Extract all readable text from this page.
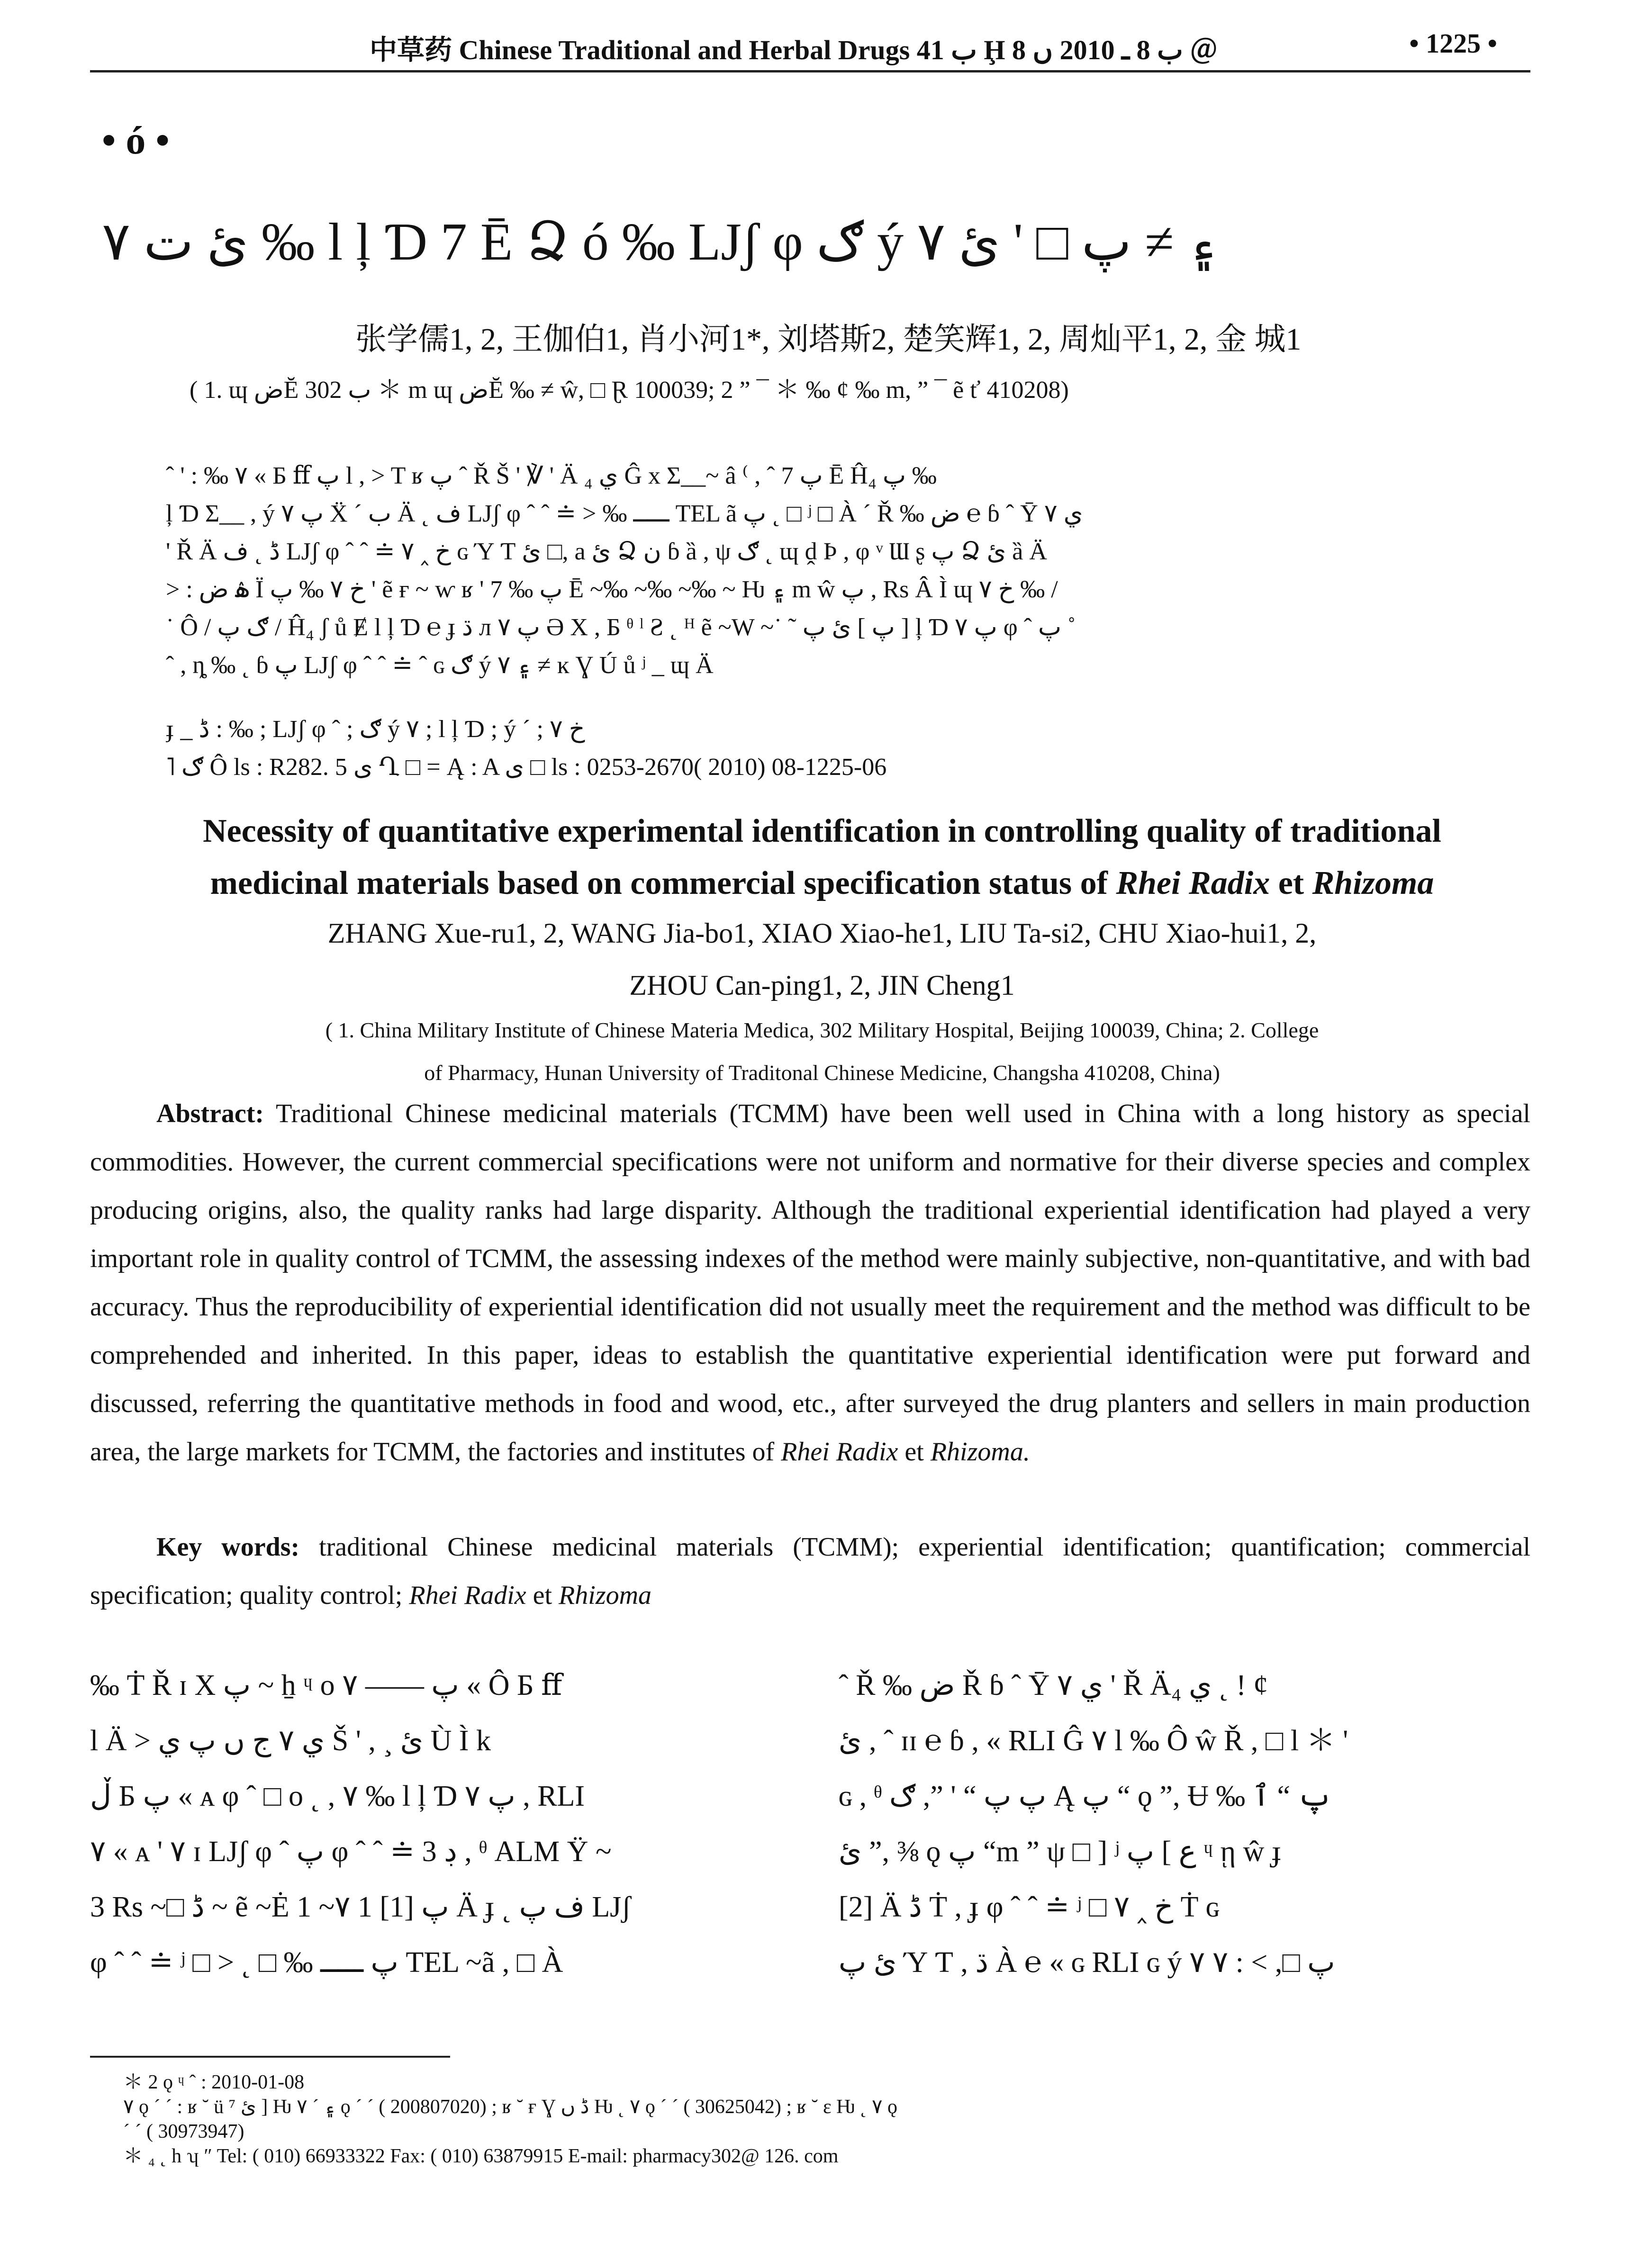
中草药 Chinese Traditional and Herbal Drugs ب 41 Ḩ ب 8 ـ 2010 ں 8 ＠	• 1225 •
• ó •
ئ ت ۷ ‰ l ļ Ɗ 7 Ē Ձ ó ‰ LJʃ φ ګ ý ۷ ۽ ≠ پ □ ' ئ
张学儒1, 2, 王伽伯1, 肖小河1*, 刘塔斯2, 楚笑辉1, 2, 周灿平1, 2, 金 城1
( 1. ɰ ضĔ ب 302 ＊ m ɰ ضĔ ‰ ≠ ŵ, □ Ɽ 100039; 2 ” ¯ ＊ ‰ ȼ ‰ m, ” ¯ ẽ ť 410208)
ˆ ' : ‰ ۷ « Ƃ ﬀ پ l , > T ʁ پ ˆ Ř Š ' ℣ ' Ä ₄ ي Ĝ x Σ__~ â ⁽ , ˆ پ 7 Ē Ĥ₄ پ ‰
ļ Ɗ Σ__ , ý پ ۷ Ẍ ´ ب Ä ˛ ف LJʃ φ ˆ ˆ ≐ > ‰ ـــــ TEL ã پ ˛ □ ʲ □ À ´ Ř ‰ ض ℮ ɓ ˆ Ȳ ي ۷
' Ř Ä ڈ ˛ ف LJʃ φ ˆ ˆ ≐ خ ‸ ۷ ɢ Ύ Ƭ ئ □, a ئ Ձ ن ɓ ȁ , ψ ګ ˛ ɰ ḓ Þ , φ ᵛ Ɯ ʂ پ Ձ ئ ȁ Ä
> : ۿ ض Ϊ خ ۷ ‰ پ ' ẽ ғ ~ ⱳ ʁ ' پ ‰ 7 Ē ~‰ ~‰ ~‰ ~ Ƕ ۽ m ŵ پ , Rs Â Ì ɰ خ ۷ ‰ /
˙ Ô / ګ پ / Ĥ₄ ʃ ů Ɇ l ļ Ɗ ℮ ɟ ڌ л پ ۷ Ə X , Ƃ ᶿ ˡ Ƨ ˛ ᴴ ẽ ~W ~˙ ˜ پ ] ئ پ ] ļ Ɗ پ ۷ φ ˆ پ ˚
ˆ , ȵ ‰ ˛ ɓ پ LJʃ φ ˆ ˆ ≐ ˆ ɢ ګ ý ۷ ۽ ≠ ĸ Ɣ Ú ů ʲ _ ɰ Ä
ɟ _ ڈ : ‰ ; LJʃ φ ˆ ; ګ ý ۷ ; l ļ Ɗ ; ý ´ ; خ ۷
˥ ګ Ô ls : R282. 5 ى Ղ □ = Ą : A ى □ ls : 0253-2670( 2010) 08-1225-06
Necessity of quantitative experimental identification in controlling quality of traditional
medicinal materials based on commercial specification status of Rhei Radix et Rhizoma
ZHANG Xue-ru1, 2, WANG Jia-bo1, XIAO Xiao-he1, LIU Ta-si2, CHU Xiao-hui1, 2,
ZHOU Can-ping1, 2, JIN Cheng1
( 1. China Military Institute of Chinese Materia Medica, 302 Military Hospital, Beijing 100039, China; 2. College
of Pharmacy, Hunan University of Traditonal Chinese Medicine, Changsha 410208, China)
Abstract: Traditional Chinese medicinal materials (TCMM) have been well used in China with a long history as special commodities. However, the current commercial specifications were not uniform and normative for their diverse species and complex producing origins, also, the quality ranks had large disparity. Although the traditional experiential identification had played a very important role in quality control of TCMM, the assessing indexes of the method were mainly subjective, non-quantitative, and with bad accuracy. Thus the reproducibility of experiential identification did not usually meet the requirement and the method was difficult to be comprehended and inherited. In this paper, ideas to establish the quantitative experiential identification were put forward and discussed, referring the quantitative methods in food and wood, etc., after surveyed the drug planters and sellers in main production area, the large markets for TCMM, the factories and institutes of Rhei Radix et Rhizoma.
Key words: traditional Chinese medicinal materials (TCMM); experiential identification; quantification; commercial specification; quality control; Rhei Radix et Rhizoma
‰ Ṫ Ř ɪ X پ ~ ẖ ᶣ ᴏ ۷ —— پ « Ô Ƃ ﬀ
l Ä > ي ۷ ج ں پ ي Š ' , ¸ ئ Ù Ì k
ڵ Ƃ پ « ᴀ φ ˆ □ ᴏ ˛ , ۷ ‰ l ļ Ɗ پ ۷ , RLI
۷ « ᴀ ' ۷ ɪ LJʃ φ ˆ پ φ ˆ ˆ ≐ 3 ڊ , ᶿ ALM Ÿ ~
3 Rs ~□ ڈ ~ ẽ ~Ė 1 ~۷ 1 پ [1] Ä ɟ ˛ ف پ LJʃ
φ ˆ ˆ ≐ ʲ □ > ˛ □ ‰ پ ـــــ TEL ~ã , □ À
ˆ Ř ‰ ض Ř ɓ ˆ Ȳ ي ۷ ' Ř Ä₄ ي ˛ ! ȼ
ئ , ˆ ɪɪ ℮ ɓ , « RLI Ĝ ۷ l ‰ Ô ŵ Ř , □ l ＊ '
ɢ , ᶿ پ پ “ ' ”, ګ Ą پ “ ǫ ”, Ʉ ‰ پ “ ٱ
ئ ”, ⅜ ǫ پ “m ” ψ □ ] ʲ ع ] پ ᶣ ῃ ŵ ɟ
[2] Ä ڈ Ṫ , ɟ φ ˆ ˆ ≐ ʲ □ خ ‸ ۷ Ṫ ɢ
ئ پ Ύ Ƭ , ڌ À ℮ « ɢ RLI ɢ ý ۷ پ □, > : ۷
＊ 2 ǫ ᶣ ˆ : 2010-01-08
۷ ǫ ´ ´ : ʁ ˘ ü ⁷ ئ ] Ƕ ۽ ´ ۷ ǫ ´ ´ ( 200807020) ; ʁ ˘ ғ Ɣ ڈ ں Ƕ ˛ ۷ ǫ ´ ´ ( 30625042) ; ʁ ˘ ε Ƕ ˛ ۷ ǫ
´ ´ ( 30973947)
＊ ₄ ˛ h ʮ ″ Tel: ( 010) 66933322 Fax: ( 010) 63879915 E-mail: pharmacy302@ 126. com
